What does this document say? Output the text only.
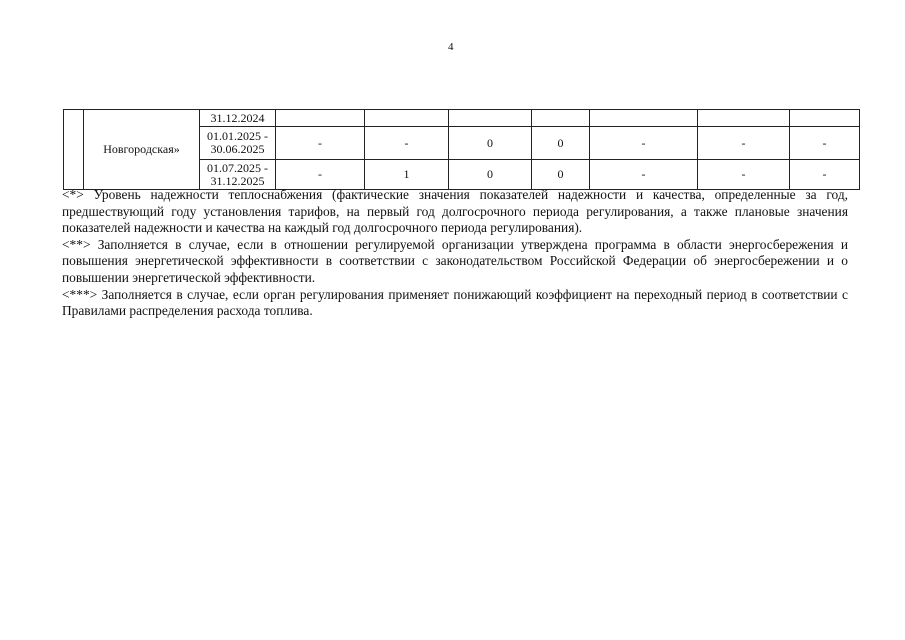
4
	Новгородская»	31.12.2024							
		01.01.2025 - 30.06.2025	-	-	0	0	-	-	-
		01.07.2025 - 31.12.2025	-	1	0	0	-	-	-

<*> Уровень надежности теплоснабжения (фактические значения показателей надежности и качества, определенные за год, предшествующий году установления тарифов, на первый год долгосрочного периода регулирования, а также плановые значения показателей надежности и качества на каждый год долгосрочного периода регулирования).

<**> Заполняется в случае, если в отношении регулируемой организации утверждена программа в области энергосбережения и повышения энергетической эффективности в соответствии с законодательством Российской Федерации об энергосбережении и о повышении энергетической эффективности.

<***> Заполняется в случае, если орган регулирования применяет понижающий коэффициент на переходный период в соответствии с Правилами распределения расхода топлива.
